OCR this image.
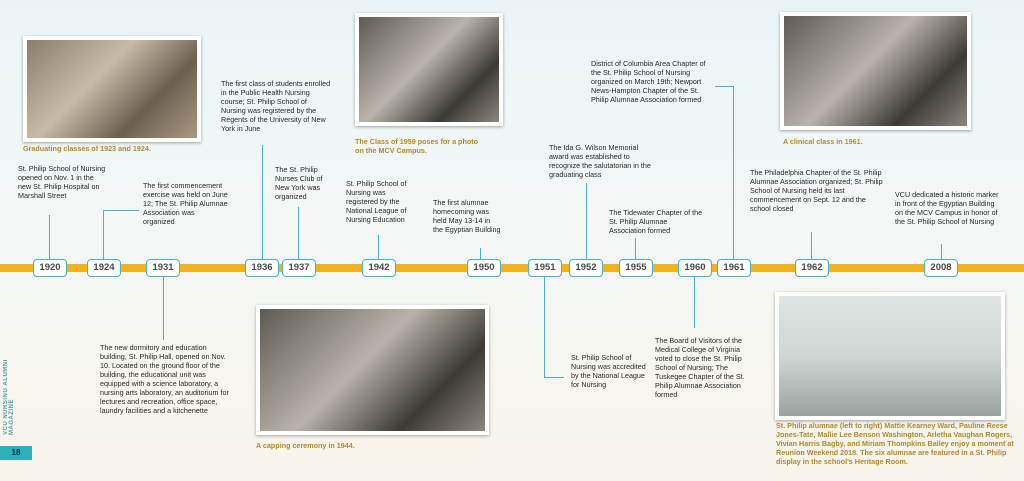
Graduating classes of 1923 and 1924.
The Class of 1959 poses for a photo on the MCV Campus.
A clinical class in 1961.
A capping ceremony in 1944.
St. Philip alumnae (left to right) Mattie Kearney Ward, Pauline Reese Jones-Tate, Mallie Lee Benson Washington, Arletha Vaughan Rogers, Vivian Harris Bagby, and Miriam Thompkins Bailey enjoy a moment at Reunion Weekend 2018. The six alumnae are featured in a St. Philip display in the school's Heritage Room.
1920	1924	1931	1936	1937	1942	1950	1951	1952	1955	1960	1961	1962	2008
St. Philip School of Nursing opened on Nov. 1 in the new St. Philip Hospital on Marshall Street
The first commencement exercise was held on June 12; The St. Philip Alumnae Association was organized
The first class of students enrolled in the Public Health Nursing course; St. Philip School of Nursing was registered by the Regents of the University of New York in June
The St. Philip Nurses Club of New York was organized
St. Philip School of Nursing was registered by the National League of Nursing Education
The first alumnae homecoming was held May 13-14 in the Egyptian Building
The Ida G. Wilson Memorial award was established to recognize the salutatorian in the graduating class
The Tidewater Chapter of the St. Philip Alumnae Association formed
District of Columbia Area Chapter of the St. Philip School of Nursing organized on March 19th; Newport News-Hampton Chapter of the St. Philip Alumnae Association formed
The Philadelphia Chapter of the St. Philip Alumnae Association organized; St. Philip School of Nursing held its last commencement on Sept. 12 and the school closed
VCU dedicated a historic marker in front of the Egyptian Building on the MCV Campus in honor of the St. Philip School of Nursing
The new dormitory and education building, St. Philip Hall, opened on Nov. 10. Located on the ground floor of the building, the educational unit was equipped with a science laboratory, a nursing arts laboratory, an auditorium for lectures and recreation, office space, laundry facilities and a kitchenette
St. Philip School of Nursing was accredited by the National League for Nursing
The Board of Visitors of the Medical College of Virginia voted to close the St. Philip School of Nursing; The Tuskegee Chapter of the St. Philip Alumnae Association formed
VCU NURSING ALUMNI MAGAZINE
18
